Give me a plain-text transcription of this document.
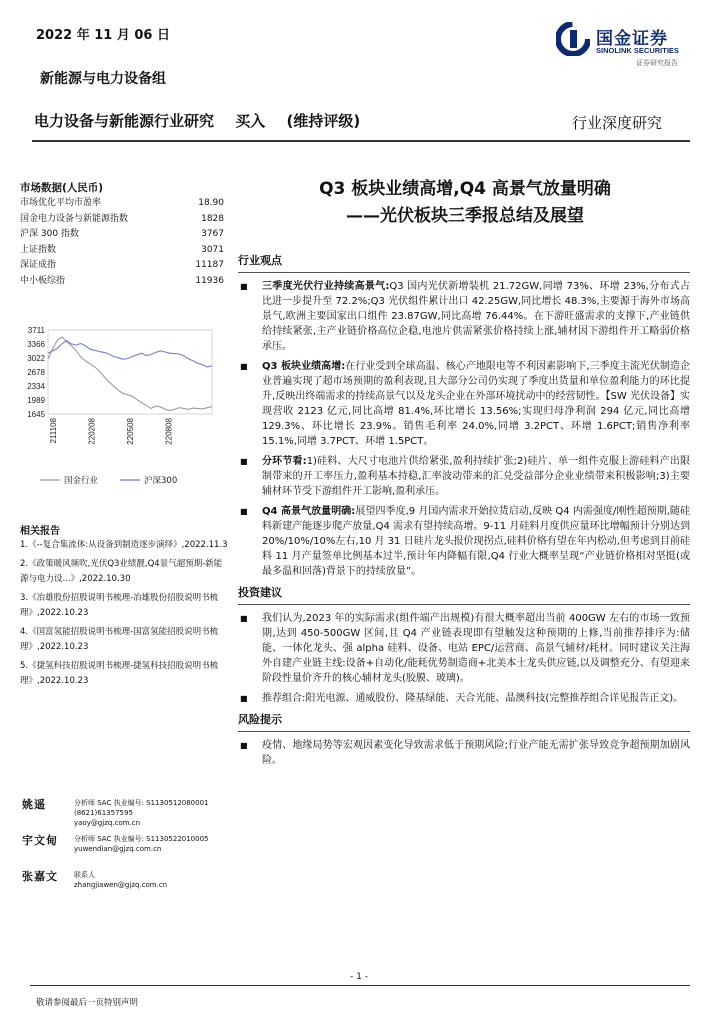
2022 年 11 月 06 日	国金证券
SINOLINK SECURITIES
证券研究报告
新能源与电力设备组
电力设备与新能源行业研究 买入 (维持评级)	行业深度研究
市场数据(人民币)
市场优化平均市盈率	18.90
国金电力设备与新能源指数	1828
沪深 300 指数	3767
上证指数	3071
深证成指	11187
中小板综指	11936
3711
3366
3022
2678
2334
1989
1645
211108	220208	220508	220808
国金行业	沪深300
相关报告
1.《--复合集流体:从设备到制造逐步演绎》,2022.11.3
2.《政策暖风频吹,光伏Q3业绩靓,Q4景气超预期-新能源与电力设...》,2022.10.30
3.《冶雄股份招股说明书梳理-冶雄股份招股说明书梳理》,2022.10.23
4.《国富氢能招股说明书梳理-国富氢能招股说明书梳理》,2022.10.23
5.《捷氢科技招股说明书梳理-捷氢科技招股说明书梳理》,2022.10.23
姚遥	分析师 SAC 执业编号: S1130512080001
(8621)61357595
yaoy@gjzq.com.cn
宇文甸 分析师 SAC 执业编号: S1130522010005
yuwendian@gjzq.com.cn
张嘉文 联系人
zhangjiawen@gjzq.com.cn
Q3 板块业绩高增,Q4 高景气放量明确
——光伏板块三季报总结及展望
行业观点

■ 三季度光伏行业持续高景气:Q3 国内光伏新增装机 21.72GW,同增 73%、环增 23%,分布式占比进一步提升至 72.2%;Q3 光伏组件累计出口 42.25GW,同比增长 48.3%,主要源于海外市场高景气,欧洲主要国家出口组件 23.87GW,同比高增 76.44%。在下游旺盛需求的支撑下,产业链供给持续紧张,主产业链价格高位企稳,电池片供需紧张价格持续上涨,辅材因下游组件开工略弱价格承压。

■ Q3 板块业绩高增:在行业受到全球高温、核心产地限电等不利因素影响下,三季度主流光伏制造企业普遍实现了超市场预期的盈利表现,且大部分公司仍实现了季度出货量和单位盈利能力的环比提升,反映出终端需求的持续高景气以及龙头企业在外部环境扰动中的经营韧性。【SW 光伏设备】实现营收 2123 亿元,同比高增 81.4%,环比增长 13.56%;实现归母净利润 294 亿元,同比高增 129.3%、环比增长 23.9%。销售毛利率 24.0%,同增 3.2PCT、环增 1.6PCT;销售净利率 15.1%,同增 3.7PCT、环增 1.5PCT。

■ 分环节看:1)硅料、大尺寸电池片供给紧张,盈利持续扩张;2)硅片、单一组件克服上游硅料产出限制带来的开工率压力,盈利基本持稳,汇率波动带来的汇兑受益部分企业业绩带来积极影响;3)主要辅材环节受下游组件开工影响,盈利承压。

■ Q4 高景气放量明确:展望四季度,9 月国内需求开始拉货启动,反映 Q4 内需强度/刚性超预期,随硅料新建产能逐步爬产放量,Q4 需求有望持续高增。9-11 月硅料月度供应量环比增幅预计分别达到 20%/10%/10%左右,10 月 31 日硅片龙头报价现拐点,硅料价格有望在年内松动,但考虑到目前硅料 11 月产量签单比例基本过半,预计年内降幅有限,Q4 行业大概率呈现“产业链价格相对坚挺(或最多温和回落)背景下的持续放量”。

投资建议

■ 我们认为,2023 年的实际需求(组件端产出规模)有很大概率超出当前 400GW 左右的市场一致预期,达到 450-500GW 区间,且 Q4 产业链表现即有望触发这种预期的上修,当前推荐排序为:储能、一体化龙头、强 alpha 硅料、设备、电站 EPC/运营商、高景气辅材/耗材。同时建议关注海外自建产业链主线:设备+自动化/能耗优势制造商+北美本土龙头供应链,以及调整充分、有望迎来阶段性量价齐升的核心辅材龙头(胶膜、玻璃)。

■ 推荐组合:阳光电源、通威股份、隆基绿能、天合光能、晶澳科技(完整推荐组合详见报告正文)。

风险提示

■ 疫情、地缘局势等宏观因素变化导致需求低于预期风险;行业产能无需扩张导致竞争超预期加剧风险。

- 1 -
敬请参阅最后一页特别声明
